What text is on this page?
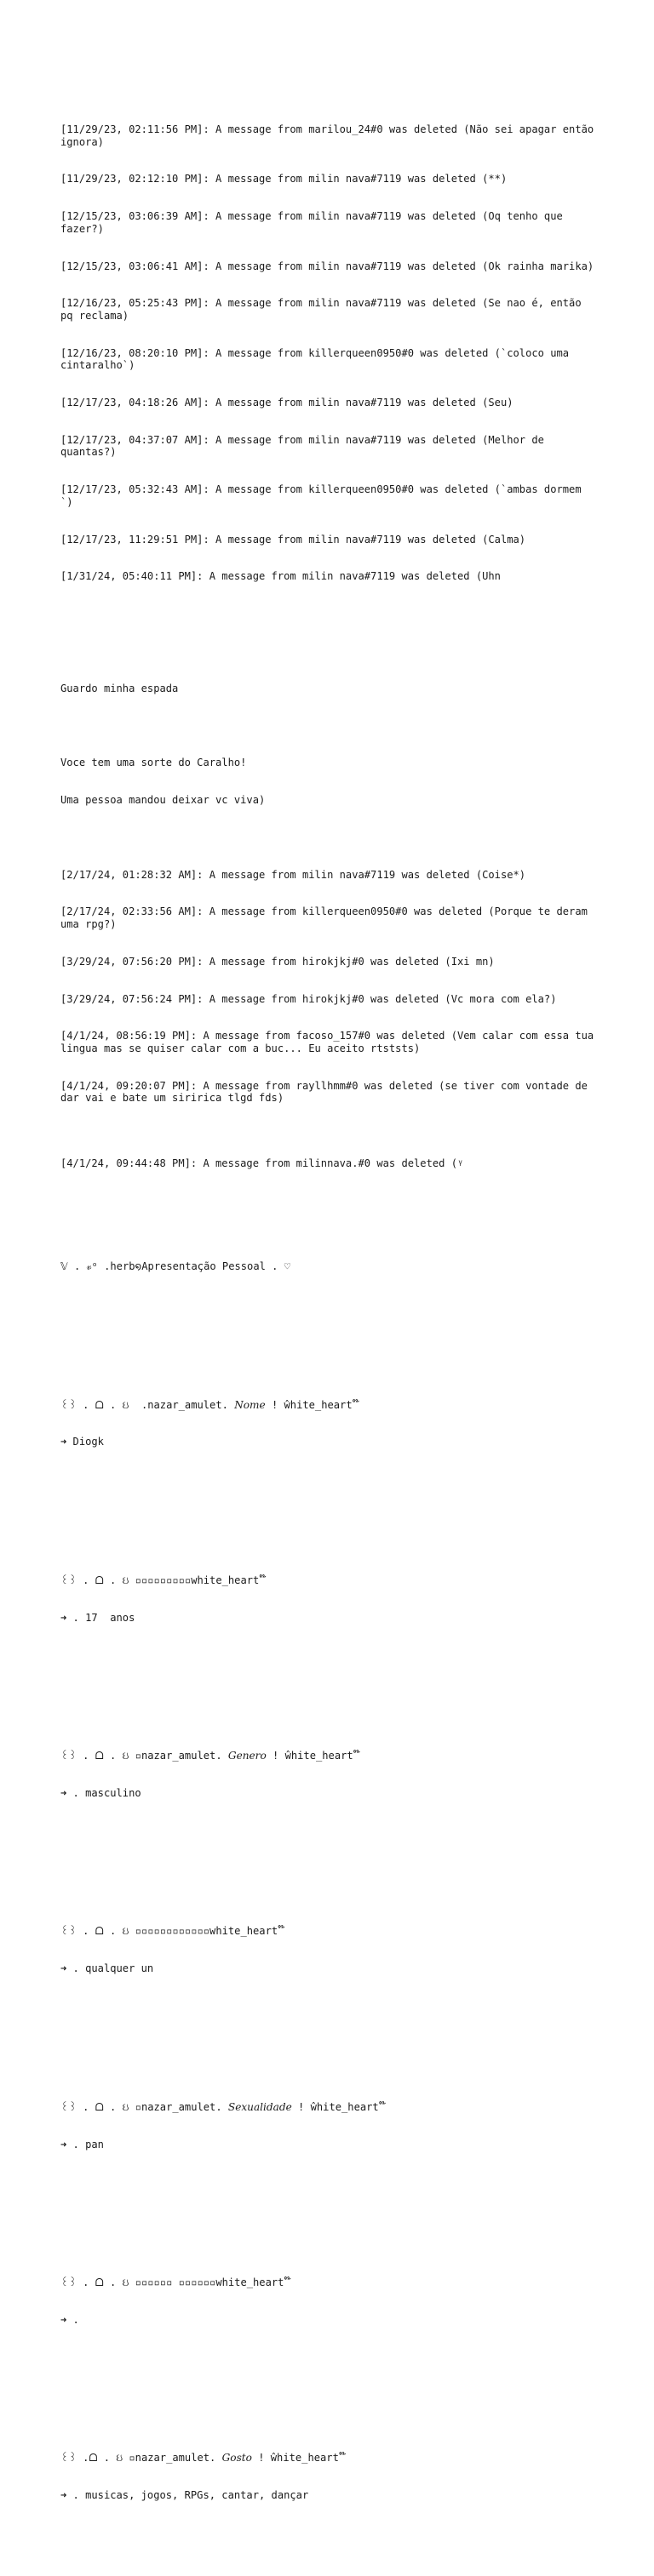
[11/29/23, 02:11:56 PM]: A message from marilou_24#0 was deleted (Não sei apagar então ignora)

[11/29/23, 02:12:10 PM]: A message from milin nava#7119 was deleted (**)

[12/15/23, 03:06:39 AM]: A message from milin nava#7119 was deleted (Oq tenho que fazer?)

[12/15/23, 03:06:41 AM]: A message from milin nava#7119 was deleted (Ok rainha marika)

[12/16/23, 05:25:43 PM]: A message from milin nava#7119 was deleted (Se nao é, então pq reclama)

[12/16/23, 08:20:10 PM]: A message from killerqueen0950#0 was deleted (`coloco uma cintaralho`)

[12/17/23, 04:18:26 AM]: A message from milin nava#7119 was deleted (Seu)

[12/17/23, 04:37:07 AM]: A message from milin nava#7119 was deleted (Melhor de quantas?)

[12/17/23, 05:32:43 AM]: A message from killerqueen0950#0 was deleted (`ambas dormem `)

[12/17/23, 11:29:51 PM]: A message from milin nava#7119 was deleted (Calma)

[1/31/24, 05:40:11 PM]: A message from milin nava#7119 was deleted (Uhn

Guardo minha espada

Voce tem uma sorte do Caralho!

Uma pessoa mandou deixar vc viva)

[2/17/24, 01:28:32 AM]: A message from milin nava#7119 was deleted (Coise*)

[2/17/24, 02:33:56 AM]: A message from killerqueen0950#0 was deleted (Porque te deram uma rpg?)

[3/29/24, 07:56:20 PM]: A message from hirokjkj#0 was deleted (Ixi mn)

[3/29/24, 07:56:24 PM]: A message from hirokjkj#0 was deleted (Vc mora com ela?)

[4/1/24, 08:56:19 PM]: A message from facoso_157#0 was deleted (Vem calar com essa tua lingua mas se quiser calar com a buc... Eu aceito rtststs)

[4/1/24, 09:20:07 PM]: A message from rayllhmm#0 was deleted (se tiver com vontade de dar vai e bate um siririca tlgd fds)

[4/1/24, 09:44:48 PM]: A message from milinnava.#0 was deleted (ᵞ

𝕍 . 𝓋ᵒ .herb໑Apresentação Pessoal . ♡

꒰꒱ . ᗝ . ઇ  .nazar_amulet. Nome ! ŵhite_heart໊

➜ Diogk

꒰꒱ . ᗝ . ઇ ▫▫▫▫▫▫▫▫▫white_heart໊

➜ . 17  anos

꒰꒱ . ᗝ . ઇ ▫nazar_amulet. Genero ! ŵhite_heart໊

➜ . masculino

꒰꒱ . ᗝ . ઇ ▫▫▫▫▫▫▫▫▫▫▫▫white_heart໊

➜ . qualquer un

꒰꒱ . ᗝ . ઇ ▫nazar_amulet. Sexualidade ! ŵhite_heart໊

➜ . pan

꒰꒱ . ᗝ . ઇ ▫▫▫▫▫▫ ▫▫▫▫▫▫white_heart໊

➜ .

꒰꒱ .ᗝ . ઇ ▫nazar_amulet. Gosto ! ŵhite_heart໊

➜ . musicas, jogos, RPGs, cantar, dançar
